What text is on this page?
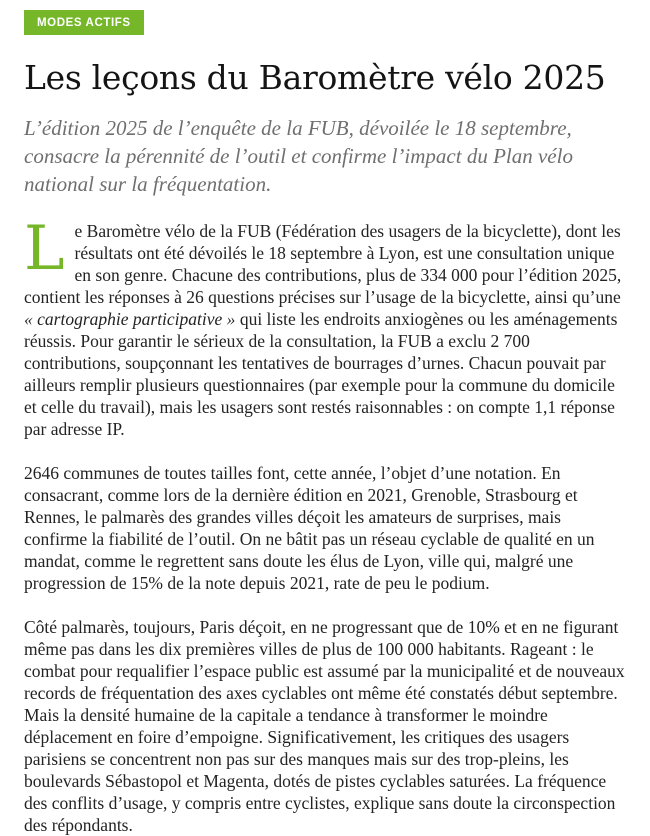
MODES ACTIFS
Les leçons du Baromètre vélo 2025

L’édition 2025 de l’enquête de la FUB, dévoilée le 18 septembre, consacre la pérennité de l’outil et confirme l’impact du Plan vélo national sur la fréquentation.

Le Baromètre vélo de la FUB (Fédération des usagers de la bicyclette), dont les résultats ont été dévoilés le 18 septembre à Lyon, est une consultation unique en son genre. Chacune des contributions, plus de 334 000 pour l’édition 2025, contient les réponses à 26 questions précises sur l’usage de la bicyclette, ainsi qu’une « cartographie participative » qui liste les endroits anxiogènes ou les aménagements réussis. Pour garantir le sérieux de la consultation, la FUB a exclu 2 700 contributions, soupçonnant les tentatives de bourrages d’urnes. Chacun pouvait par ailleurs remplir plusieurs questionnaires (par exemple pour la commune du domicile et celle du travail), mais les usagers sont restés raisonnables : on compte 1,1 réponse par adresse IP.

2646 communes de toutes tailles font, cette année, l’objet d’une notation. En consacrant, comme lors de la dernière édition en 2021, Grenoble, Strasbourg et Rennes, le palmarès des grandes villes déçoit les amateurs de surprises, mais confirme la fiabilité de l’outil. On ne bâtit pas un réseau cyclable de qualité en un mandat, comme le regrettent sans doute les élus de Lyon, ville qui, malgré une progression de 15% de la note depuis 2021, rate de peu le podium.

Côté palmarès, toujours, Paris déçoit, en ne progressant que de 10% et en ne figurant même pas dans les dix premières villes de plus de 100 000 habitants. Rageant : le combat pour requalifier l’espace public est assumé par la municipalité et de nouveaux records de fréquentation des axes cyclables ont même été constatés début septembre. Mais la densité humaine de la capitale a tendance à transformer le moindre déplacement en foire d’empoigne. Significativement, les critiques des usagers parisiens se concentrent non pas sur des manques mais sur des trop-pleins, les boulevards Sébastopol et Magenta, dotés de pistes cyclables saturées. La fréquence des conflits d’usage, y compris entre cyclistes, explique sans doute la circonspection des répondants.
